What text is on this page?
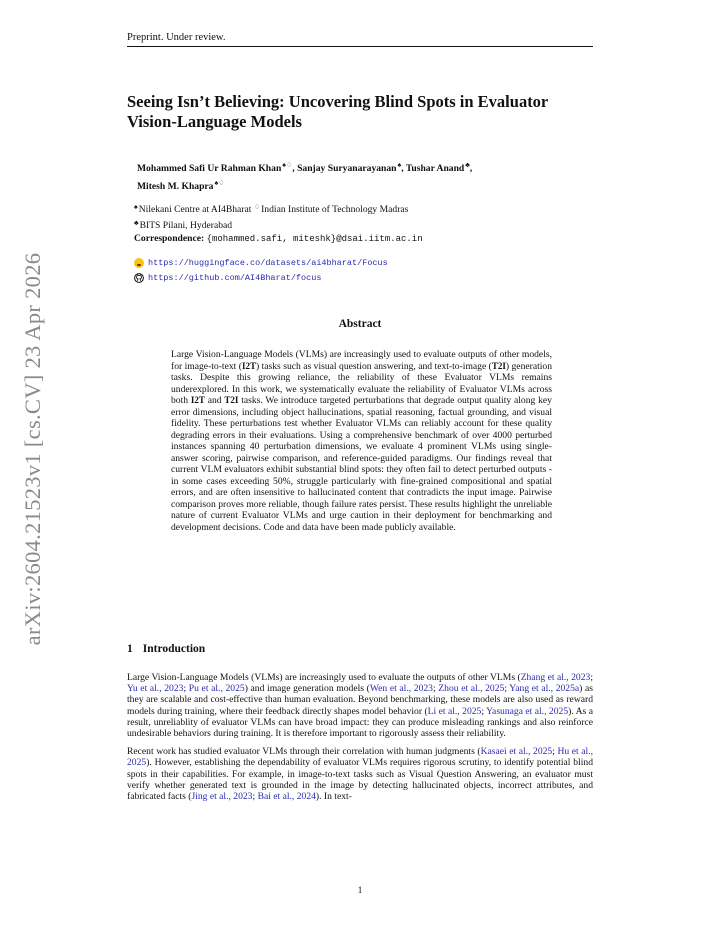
Preprint. Under review.
arXiv:2604.21523v1 [cs.CV] 23 Apr 2026
Seeing Isn’t Believing: Uncovering Blind Spots in Evaluator Vision-Language Models
Mohammed Safi Ur Rahman Khan♠♢, Sanjay Suryanarayanan♠, Tushar Anand♣,
Mitesh M. Khapra♠♢
♠Nilekani Centre at AI4Bharat ♢Indian Institute of Technology Madras
♣BITS Pilani, Hyderabad
Correspondence: {mohammed.safi, miteshk}@dsai.iitm.ac.in
https://huggingface.co/datasets/ai4bharat/Focus
https://github.com/AI4Bharat/focus
Abstract
Large Vision-Language Models (VLMs) are increasingly used to evaluate outputs of other models, for image-to-text (I2T) tasks such as visual question answering, and text-to-image (T2I) generation tasks. Despite this growing reliance, the reliability of these Evaluator VLMs remains underexplored. In this work, we systematically evaluate the reliability of Evaluator VLMs across both I2T and T2I tasks. We introduce targeted perturbations that degrade output quality along key error dimensions, including object hallucinations, spatial reasoning, factual grounding, and visual fidelity. These perturbations test whether Evaluator VLMs can reliably account for these quality degrading errors in their evaluations. Using a comprehensive benchmark of over 4000 perturbed instances spanning 40 perturbation dimensions, we evaluate 4 prominent VLMs using single-answer scoring, pairwise comparison, and reference-guided paradigms. Our findings reveal that current VLM evaluators exhibit substantial blind spots: they often fail to detect perturbed outputs - in some cases exceeding 50%, struggle particularly with fine-grained compositional and spatial errors, and are often insensitive to hallucinated content that contradicts the input image. Pairwise comparison proves more reliable, though failure rates persist. These results highlight the unreliable nature of current Evaluator VLMs and urge caution in their deployment for benchmarking and development decisions. Code and data have been made publicly available.
1 Introduction

Large Vision-Language Models (VLMs) are increasingly used to evaluate the outputs of other VLMs (Zhang et al., 2023; Yu et al., 2023; Pu et al., 2025) and image generation models (Wen et al., 2023; Zhou et al., 2025; Yang et al., 2025a) as they are scalable and cost-effective than human evaluation. Beyond benchmarking, these models are also used as reward models during training, where their feedback directly shapes model behavior (Li et al., 2025; Yasunaga et al., 2025). As a result, unreliablity of evaluator VLMs can have broad impact: they can produce misleading rankings and also reinforce undesirable behaviors during training. It is therefore important to rigorously assess their reliability.

Recent work has studied evaluator VLMs through their correlation with human judgments (Kasaei et al., 2025; Hu et al., 2025). However, establishing the dependability of evaluator VLMs requires rigorous scrutiny, to identify potential blind spots in their capabilities. For example, in image-to-text tasks such as Visual Question Answering, an evaluator must verify whether generated text is grounded in the image by detecting hallucinated objects, incorrect attributes, and fabricated facts (Jing et al., 2023; Bai et al., 2024). In text-

1
